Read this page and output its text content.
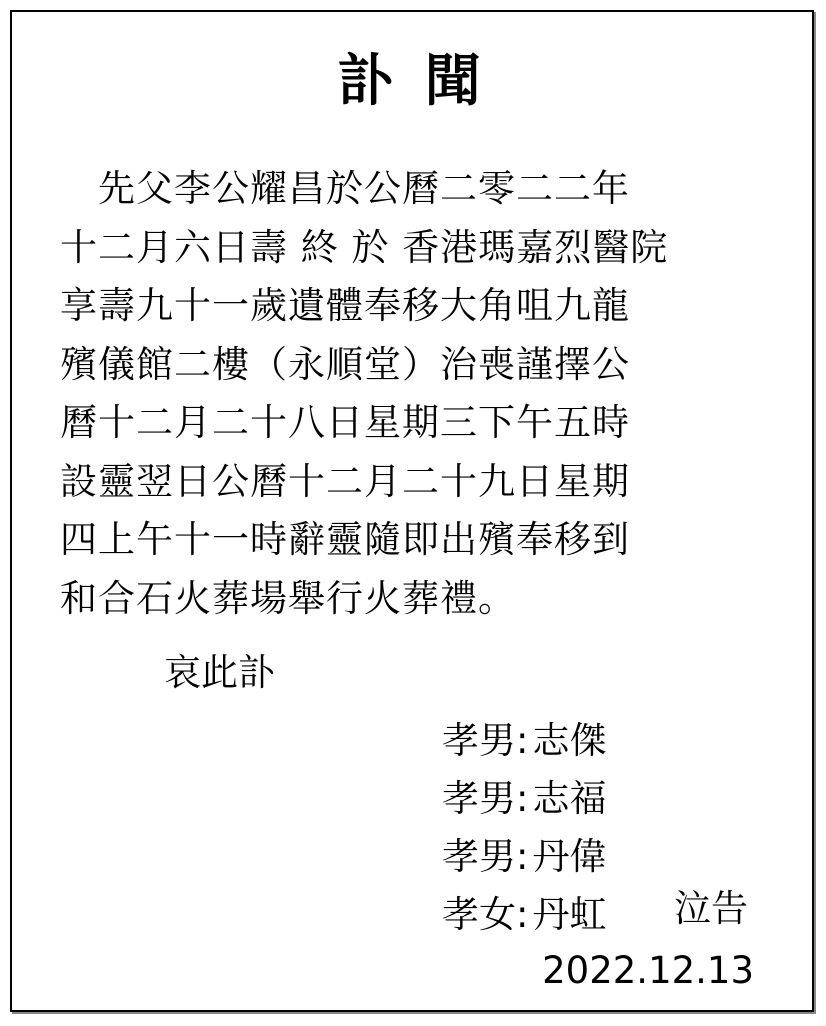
訃 聞
　先父李公耀昌於公曆二零二二年
十二月六日壽 終 於 香港瑪嘉烈醫院
享壽九十一歲遺體奉移大角咀九龍
殯儀館二樓（永順堂）治喪謹擇公
曆十二月二十八日星期三下午五時
設靈翌日公曆十二月二十九日星期
四上午十一時辭靈隨即出殯奉移到
和合石火葬場舉行火葬禮。
哀此訃
孝男: 志傑
孝男: 志福
孝男: 丹偉
孝女: 丹虹 泣告
2022.12.13
